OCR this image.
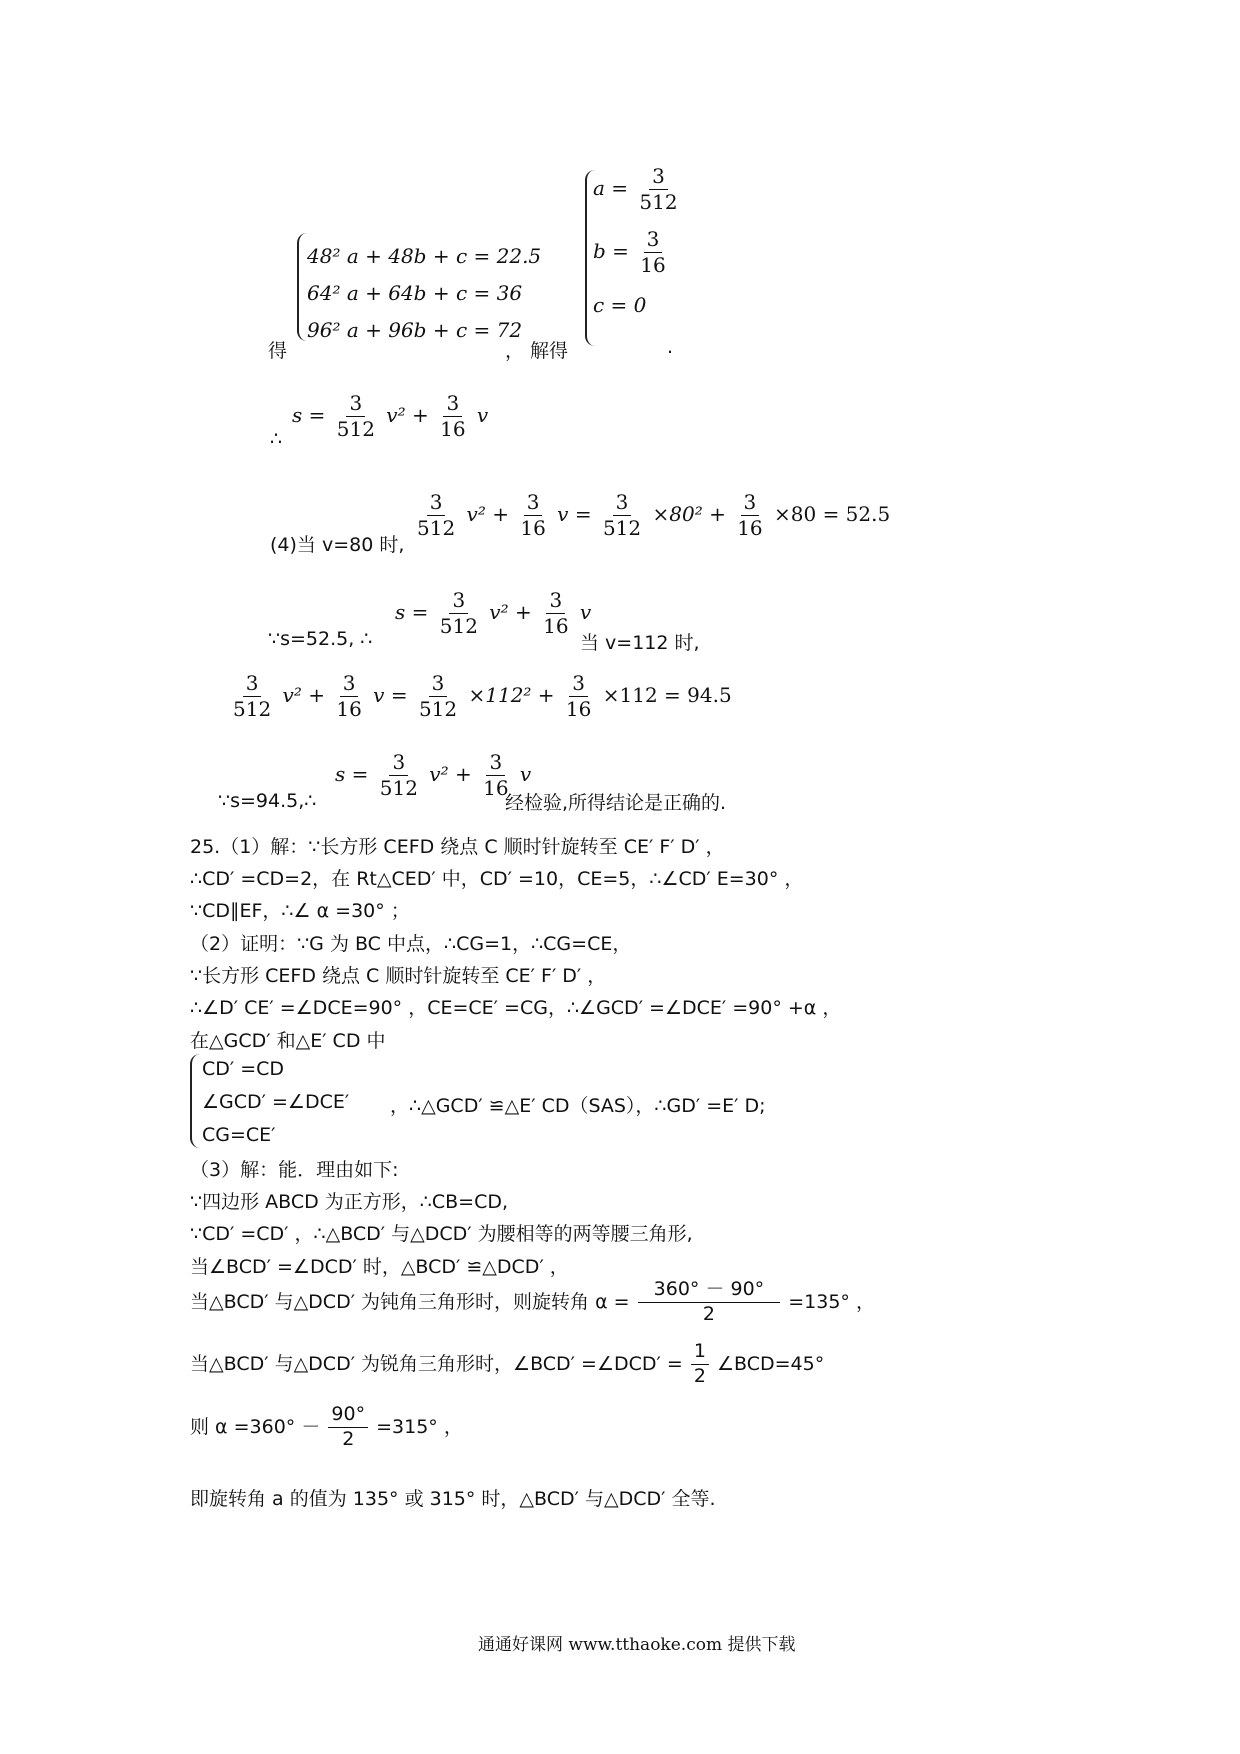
48² a + 48b + c = 22.5
64² a + 64b + c = 36
96² a + 96b + c = 72
得	， 解得
$a = \frac{3}{512}$
$b = \frac{3}{16}$
c = 0
.
∴
$s = \frac{3}{512} v^2 + \frac{3}{16}$ v
(4)当 v=80 时,
$\frac{3}{512} v^2 + \frac{3}{16}$ $v = \frac{3}{512} \times 80^2 + \frac{3}{16} \times 80 = 52.5$
∵s=52.5, ∴
$s = \frac{3}{512} v^2 + \frac{3}{16}$ v
当 v=112 时,
$\frac{3}{512} v^2 + \frac{3}{16}$ $v = \frac{3}{512} \times 112^2 + \frac{3}{16} \times 112 = 94.5$
∵s=94.5,∴
$s = \frac{3}{512} v^2 + \frac{3}{16}$ v
经检验,所得结论是正确的.
25.（1）解：∵长方形 CEFD 绕点 C 顺时针旋转至 CE′ F′ D′ ，
∴CD′ =CD=2，在 Rt△CED′ 中，CD′ =10，CE=5，∴∠CD′ E=30° ，
∵CD∥EF，∴∠ α =30° ；
（2）证明：∵G 为 BC 中点，∴CG=1，∴CG=CE，
∵长方形 CEFD 绕点 C 顺时针旋转至 CE′ F′ D′ ，
∴∠D′ CE′ =∠DCE=90° ，CE=CE′ =CG，∴∠GCD′ =∠DCE′ =90° +α ，
在△GCD′ 和△E′ CD 中
CD′ =CD
∠GCD′ =∠DCE′ ，∴△GCD′ ≌△E′ CD（SAS），∴GD′ =E′ D;
CG=CE′
（3）解：能．理由如下:
∵四边形 ABCD 为正方形，∴CB=CD,
∵CD′ =CD′ ，∴△BCD′ 与△DCD′ 为腰相等的两等腰三角形,
当∠BCD′ =∠DCD′ 时，△BCD′ ≌△DCD′ ，
当△BCD′ 与△DCD′ 为钝角三角形时，则旋转角 $\alpha = \frac{360^\circ - 90^\circ}{2} =135^\circ$ ，
当△BCD′ 与△DCD′ 为锐角三角形时，∠BCD′ =∠DCD′ = $\frac{1}{2}$ ∠BCD=45°
则 $\alpha =360^\circ - \frac{90^\circ}{2} =315^\circ$ ，
即旋转角 a 的值为 135° 或 315° 时，△BCD′ 与△DCD′ 全等.
通通好课网 www.tthaoke.com 提供下载
